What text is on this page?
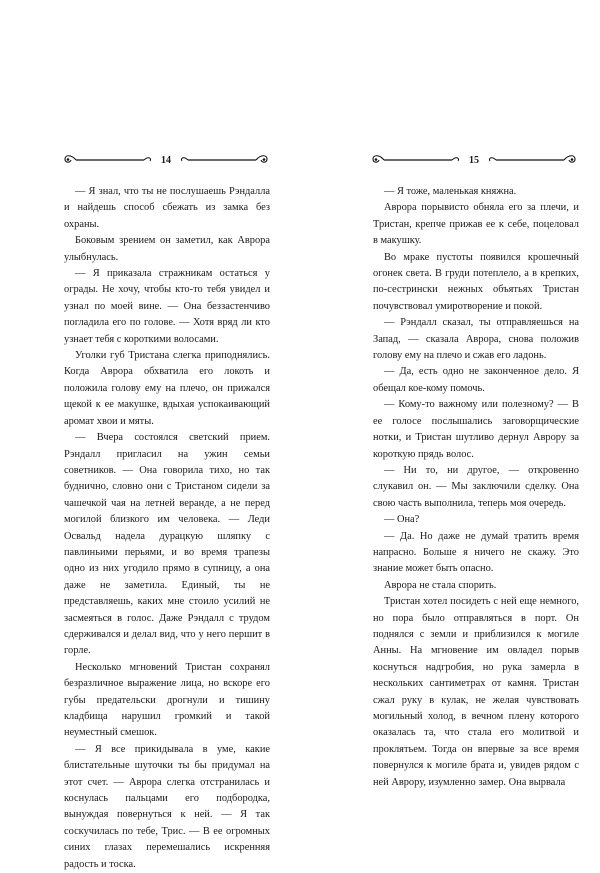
14

— Я знал, что ты не послушаешь Рэндалла и найдешь способ сбежать из замка без охраны.

Боковым зрением он заметил, как Аврора улыбнулась.

— Я приказала стражникам остаться у ограды. Не хочу, чтобы кто-то тебя увидел и узнал по моей вине. — Она беззастенчиво погладила его по голове. — Хотя вряд ли кто узнает тебя с короткими волосами.

Уголки губ Тристана слегка приподнялись. Когда Аврора обхватила его локоть и положила голову ему на плечо, он прижался щекой к ее макушке, вдыхая успокаивающий аромат хвои и мяты.

— Вчера состоялся светский прием. Рэндалл пригласил на ужин семьи советников. — Она говорила тихо, но так буднично, словно они с Тристаном сидели за чашечкой чая на летней веранде, а не перед могилой близкого им человека. — Леди Освальд надела дурацкую шляпку с павлиньими перьями, и во время трапезы одно из них угодило прямо в супницу, а она даже не заметила. Единый, ты не представляешь, каких мне стоило усилий не засмеяться в голос. Даже Рэндалл с трудом сдерживался и делал вид, что у него першит в горле.

Несколько мгновений Тристан сохранял безразличное выражение лица, но вскоре его губы предательски дрогнули и тишину кладбища нарушил громкий и такой неуместный смешок.

— Я все прикидывала в уме, какие блистательные шуточки ты бы придумал на этот счет. — Аврора слегка отстранилась и коснулась пальцами его подбородка, вынуждая повернуться к ней. — Я так соскучилась по тебе, Трис. — В ее огромных синих глазах перемешались искренняя радость и тоска.

15

— Я тоже, маленькая княжна.

Аврора порывисто обняла его за плечи, и Тристан, крепче прижав ее к себе, поцеловал в макушку.

Во мраке пустоты появился крошечный огонек света. В груди потеплело, а в крепких, по-сестрински нежных объятьях Тристан почувствовал умиротворение и покой.

— Рэндалл сказал, ты отправляешься на Запад, — сказала Аврора, снова положив голову ему на плечо и сжав его ладонь.

— Да, есть одно не законченное дело. Я обещал кое-кому помочь.

— Кому-то важному или полезному? — В ее голосе послышались заговорщические нотки, и Тристан шутливо дернул Аврору за короткую прядь волос.

— Ни то, ни другое, — откровенно слукавил он. — Мы заключили сделку. Она свою часть выполнила, теперь моя очередь.

— Она?

— Да. Но даже не думай тратить время напрасно. Больше я ничего не скажу. Это знание может быть опасно.

Аврора не стала спорить.

Тристан хотел посидеть с ней еще немного, но пора было отправляться в порт. Он поднялся с земли и приблизился к могиле Анны. На мгновение им овладел порыв коснуться надгробия, но рука замерла в нескольких сантиметрах от камня. Тристан сжал руку в кулак, не желая чувствовать могильный холод, в вечном плену которого оказалась та, что стала его молитвой и проклятьем. Тогда он впервые за все время повернулся к могиле брата и, увидев рядом с ней Аврору, изумленно замер. Она вырвала
